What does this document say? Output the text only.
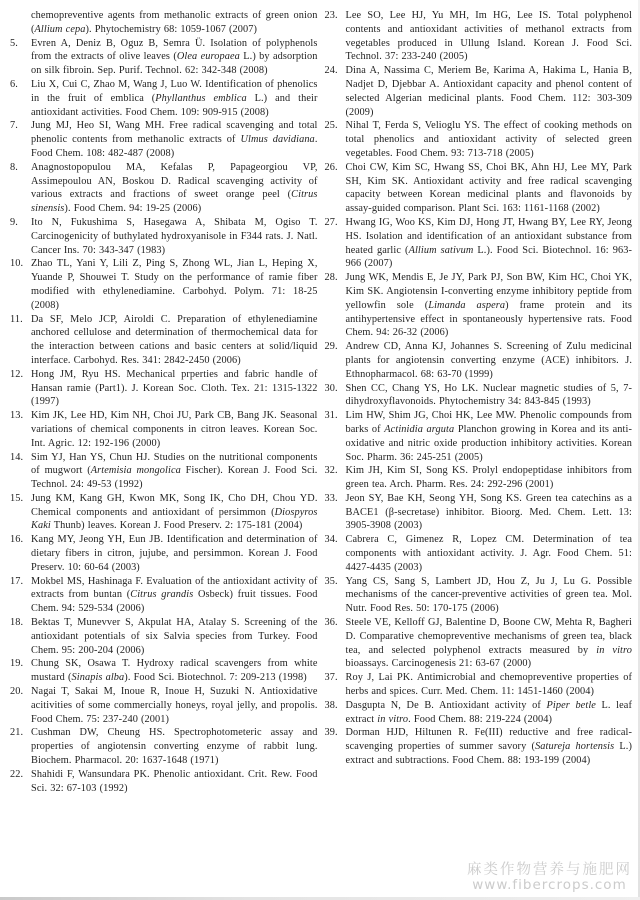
chemopreventive agents from methanolic extracts of green onion (Allium cepa). Phytochemistry 68: 1059-1067 (2007)
5. Evren A, Deniz B, Oguz B, Semra Ü. Isolation of polyphenols from the extracts of olive leaves (Olea europaea L.) by adsorption on silk fibroin. Sep. Purif. Technol. 62: 342-348 (2008)
6. Liu X, Cui C, Zhao M, Wang J, Luo W. Identification of phenolics in the fruit of emblica (Phyllanthus emblica L.) and their antioxidant activities. Food Chem. 109: 909-915 (2008)
7. Jung MJ, Heo SI, Wang MH. Free radical scavenging and total phenolic contents from methanolic extracts of Ulmus davidiana. Food Chem. 108: 482-487 (2008)
8. Anagnostopopulou MA, Kefalas P, Papageorgiou VP, Assimepoulou AN, Boskou D. Radical scavenging activity of various extracts and fractions of sweet orange peel (Citrus sinensis). Food Chem. 94: 19-25 (2006)
9. Ito N, Fukushima S, Hasegawa A, Shibata M, Ogiso T. Carcinogenicity of buthylated hydroxyanisole in F344 rats. J. Natl. Cancer Ins. 70: 343-347 (1983)
10. Zhao TL, Yani Y, Lili Z, Ping S, Zhong WL, Jian L, Heping X, Yuande P, Shouwei T. Study on the performance of ramie fiber modified with ethylenediamine. Carbohyd. Polym. 71: 18-25 (2008)
11. Da SF, Melo JCP, Airoldi C. Preparation of ethylenediamine anchored cellulose and determination of thermochemical data for the interaction between cations and basic centers at solid/liquid interface. Carbohyd. Res. 341: 2842-2450 (2006)
12. Hong JM, Ryu HS. Mechanical prperties and fabric handle of Hansan ramie (Part1). J. Korean Soc. Cloth. Tex. 21: 1315-1322 (1997)
13. Kim JK, Lee HD, Kim NH, Choi JU, Park CB, Bang JK. Seasonal variations of chemical components in citron leaves. Korean Soc. Int. Agric. 12: 192-196 (2000)
14. Sim YJ, Han YS, Chun HJ. Studies on the nutritional components of mugwort (Artemisia mongolica Fischer). Korean J. Food Sci. Technol. 24: 49-53 (1992)
15. Jung KM, Kang GH, Kwon MK, Song IK, Cho DH, Chou YD. Chemical components and antioxidant of persimmon (Diospyros Kaki Thunb) leaves. Korean J. Food Preserv. 2: 175-181 (2004)
16. Kang MY, Jeong YH, Eun JB. Identification and determination of dietary fibers in citron, jujube, and persimmon. Korean J. Food Preserv. 10: 60-64 (2003)
17. Mokbel MS, Hashinaga F. Evaluation of the antioxidant activity of extracts from buntan (Citrus grandis Osbeck) fruit tissues. Food Chem. 94: 529-534 (2006)
18. Bektas T, Munevver S, Akpulat HA, Atalay S. Screening of the antioxidant potentials of six Salvia species from Turkey. Food Chem. 95: 200-204 (2006)
19. Chung SK, Osawa T. Hydroxy radical scavengers from white mustard (Sinapis alba). Food Sci. Biotechnol. 7: 209-213 (1998)
20. Nagai T, Sakai M, Inoue R, Inoue H, Suzuki N. Antioxidative acitivities of some commercially honeys, royal jelly, and propolis. Food Chem. 75: 237-240 (2001)
21. Cushman DW, Cheung HS. Spectrophotometeric assay and properties of angiotensin converting enzyme of rabbit lung. Biochem. Pharmacol. 20: 1637-1648 (1971)
22. Shahidi F, Wansundara PK. Phenolic antioxidant. Crit. Rew. Food Sci. 32: 67-103 (1992)
23. Lee SO, Lee HJ, Yu MH, Im HG, Lee IS. Total polyphenol contents and antioxidant activities of methanol extracts from vegetables produced in Ullung Island. Korean J. Food Sci. Technol. 37: 233-240 (2005)
24. Dina A, Nassima C, Meriem Be, Karima A, Hakima L, Hania B, Nadjet D, Djebbar A. Antioxidant capacity and phenol content of selected Algerian medicinal plants. Food Chem. 112: 303-309 (2009)
25. Nihal T, Ferda S, Velioglu YS. The effect of cooking methods on total phenolics and antioxidant activity of selected green vegetables. Food Chem. 93: 713-718 (2005)
26. Choi CW, Kim SC, Hwang SS, Choi BK, Ahn HJ, Lee MY, Park SH, Kim SK. Antioxidant activity and free radical scavenging capacity between Korean medicinal plants and flavonoids by assay-guided comparison. Plant Sci. 163: 1161-1168 (2002)
27. Hwang IG, Woo KS, Kim DJ, Hong JT, Hwang BY, Lee RY, Jeong HS. Isolation and identification of an antioxidant substance from heated garlic (Allium sativum L.). Food Sci. Biotechnol. 16: 963-966 (2007)
28. Jung WK, Mendis E, Je JY, Park PJ, Son BW, Kim HC, Choi YK, Kim SK. Angiotensin I-converting enzyme inhibitory peptide from yellowfin sole (Limanda aspera) frame protein and its antihypertensive effect in spontaneously hypertensive rats. Food Chem. 94: 26-32 (2006)
29. Andrew CD, Anna KJ, Johannes S. Screening of Zulu medicinal plants for angiotensin converting enzyme (ACE) inhibitors. J. Ethnopharmacol. 68: 63-70 (1999)
30. Shen CC, Chang YS, Ho LK. Nuclear magnetic studies of 5, 7-dihydroxyflavonoids. Phytochemistry 34: 843-845 (1993)
31. Lim HW, Shim JG, Choi HK, Lee MW. Phenolic compounds from barks of Actinidia arguta Planchon growing in Korea and its anti-oxidative and nitric oxide production inhibitory activities. Korean Soc. Pharm. 36: 245-251 (2005)
32. Kim JH, Kim SI, Song KS. Prolyl endopeptidase inhibitors from green tea. Arch. Pharm. Res. 24: 292-296 (2001)
33. Jeon SY, Bae KH, Seong YH, Song KS. Green tea catechins as a BACE1 (β-secretase) inhibitor. Bioorg. Med. Chem. Lett. 13: 3905-3908 (2003)
34. Cabrera C, Gimenez R, Lopez CM. Determination of tea components with antioxidant activity. J. Agr. Food Chem. 51: 4427-4435 (2003)
35. Yang CS, Sang S, Lambert JD, Hou Z, Ju J, Lu G. Possible mechanisms of the cancer-preventive activities of green tea. Mol. Nutr. Food Res. 50: 170-175 (2006)
36. Steele VE, Kelloff GJ, Balentine D, Boone CW, Mehta R, Bagheri D. Comparative chemopreventive mechanisms of green tea, black tea, and selected polyphenol extracts measured by in vitro bioassays. Carcinogenesis 21: 63-67 (2000)
37. Roy J, Lai PK. Antimicrobial and chemopreventive properties of herbs and spices. Curr. Med. Chem. 11: 1451-1460 (2004)
38. Dasgupta N, De B. Antioxidant activity of Piper betle L. leaf extract in vitro. Food Chem. 88: 219-224 (2004)
39. Dorman HJD, Hiltunen R. Fe(III) reductive and free radical-scavenging properties of summer savory (Satureja hortensis L.) extract and subtractions. Food Chem. 88: 193-199 (2004)
麻类作物营养与施肥网
www.fibercrops.com
